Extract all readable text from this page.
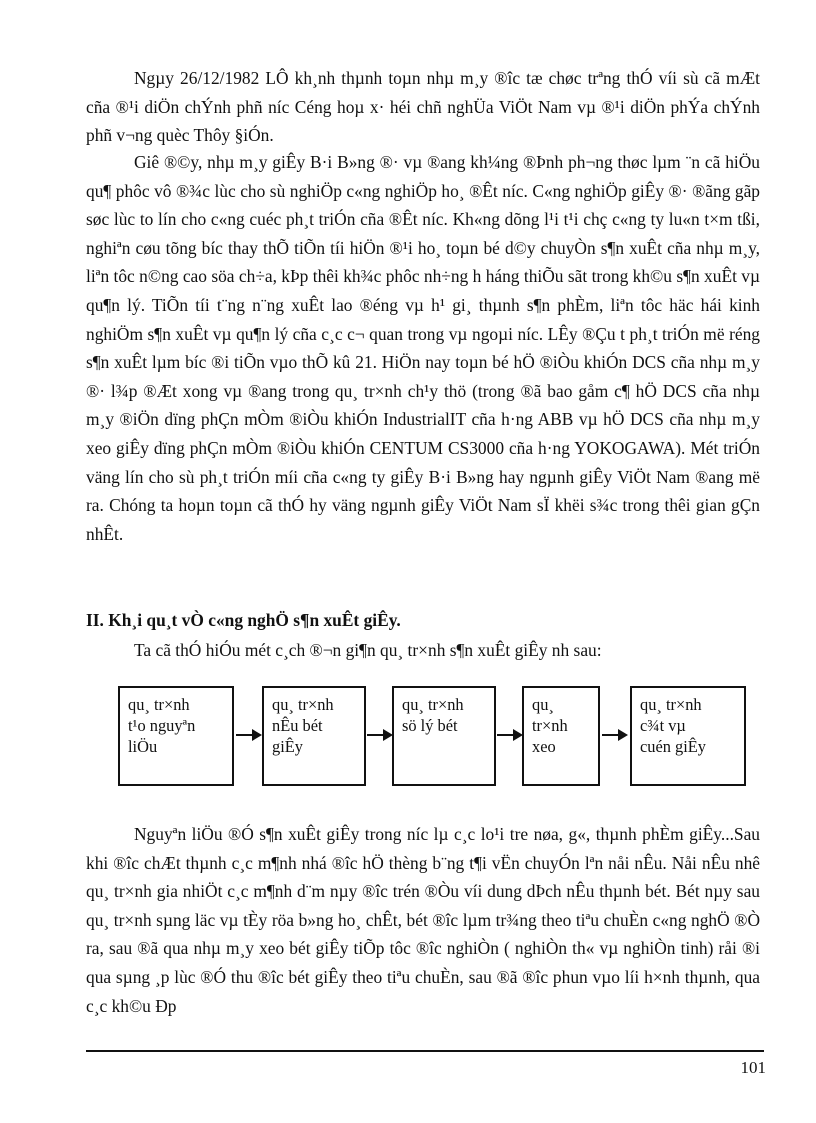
Ngµy 26/12/1982 LÔ kh¸nh thµnh toµn nhµ m¸y ®îc tæ chøc trªng thÓ víi sù cã mÆt cña ®¹i diÖn chÝnh phñ níc Céng hoµ x· héi chñ nghÜa ViÖt Nam vµ ®¹i diÖn phÝa chÝnh phñ v¬ng quèc Thôy §iÓn.

Giê ®©y, nhµ m¸y giÊy B·i B»ng ®· vµ ®ang kh¼ng ®Þnh ph¬ng thøc lµm ¨n cã hiÖu qu¶ phôc vô ®¾c lùc cho sù nghiÖp c«ng nghiÖp ho¸ ®Êt níc. C«ng nghiÖp giÊy ®· ®ãng gãp søc lùc to lín cho c«ng cuéc ph¸t triÓn cña ®Êt níc. Kh«ng dõng l¹i t¹i chç c«ng ty lu«n t×m tßi, nghiªn cøu tõng bíc thay thÕ tiÕn tíi hiÖn ®¹i ho¸ toµn bé d©y chuyÒn s¶n xuÊt cña nhµ m¸y, liªn tôc n©ng cao söa ch÷a, kÞp thêi kh¾c phôc nh÷ng h háng thiÕu sãt trong kh©u s¶n xuÊt vµ qu¶n lý. TiÕn tíi t¨ng n¨ng xuÊt lao ®éng vµ h¹ gi¸ thµnh s¶n phÈm, liªn tôc häc hái kinh nghiÖm s¶n xuÊt vµ qu¶n lý cña c¸c c¬ quan trong vµ ngoµi níc. LÊy ®Çu t ph¸t triÓn më réng s¶n xuÊt lµm bíc ®i tiÕn vµo thÕ kû 21. HiÖn nay toµn bé hÖ ®iÒu khiÓn DCS cña nhµ m¸y ®· l¾p ®Æt xong vµ ®ang trong qu¸ tr×nh ch¹y thö (trong ®ã bao gåm c¶ hÖ DCS cña nhµ m¸y ®iÖn dïng phÇn mÒm ®iÒu khiÓn IndustrialIT cña h·ng ABB vµ hÖ DCS cña nhµ m¸y xeo giÊy dïng phÇn mÒm ®iÒu khiÓn CENTUM CS3000 cña h·ng YOKOGAWA). Mét triÓn väng lín cho sù ph¸t triÓn míi cña c«ng ty giÊy B·i B»ng hay ngµnh giÊy ViÖt Nam ®ang më ra. Chóng ta hoµn toµn cã thÓ hy väng ngµnh giÊy ViÖt Nam sÏ khëi s¾c trong thêi gian gÇn nhÊt.

II. Kh¸i qu¸t vÒ c«ng nghÖ s¶n xuÊt giÊy.

Ta cã thÓ hiÓu mét c¸ch ®¬n gi¶n qu¸ tr×nh s¶n xuÊt giÊy nh sau:

qu¸ tr×nh
t¹o nguyªn
liÖu
qu¸ tr×nh
nÊu bét
giÊy
qu¸ tr×nh
sö lý bét
qu¸
tr×nh
xeo
qu¸ tr×nh
c¾t vµ
cuén giÊy

Nguyªn liÖu ®Ó s¶n xuÊt giÊy trong níc lµ c¸c lo¹i tre nøa, g«, thµnh phÈm giÊy...Sau khi ®îc chÆt thµnh c¸c m¶nh nhá ®îc hÖ thèng b¨ng t¶i vËn chuyÓn lªn nåi nÊu. Nåi nÊu nhê qu¸ tr×nh gia nhiÖt c¸c m¶nh d¨m nµy ®îc trén ®Òu víi dung dÞch nÊu thµnh bét. Bét nµy sau qu¸ tr×nh sµng läc vµ tÈy röa b»ng ho¸ chÊt, bét ®îc lµm tr¾ng theo tiªu chuÈn c«ng nghÖ ®Ò ra, sau ®ã qua nhµ m¸y xeo bét giÊy tiÕp tôc ®îc nghiÒn ( nghiÒn th« vµ nghiÒn tinh) råi ®i qua sµng ¸p lùc ®Ó thu ®îc bét giÊy theo tiªu chuÈn, sau ®ã ®îc phun vµo líi h×nh thµnh, qua c¸c kh©u Ðp

101
